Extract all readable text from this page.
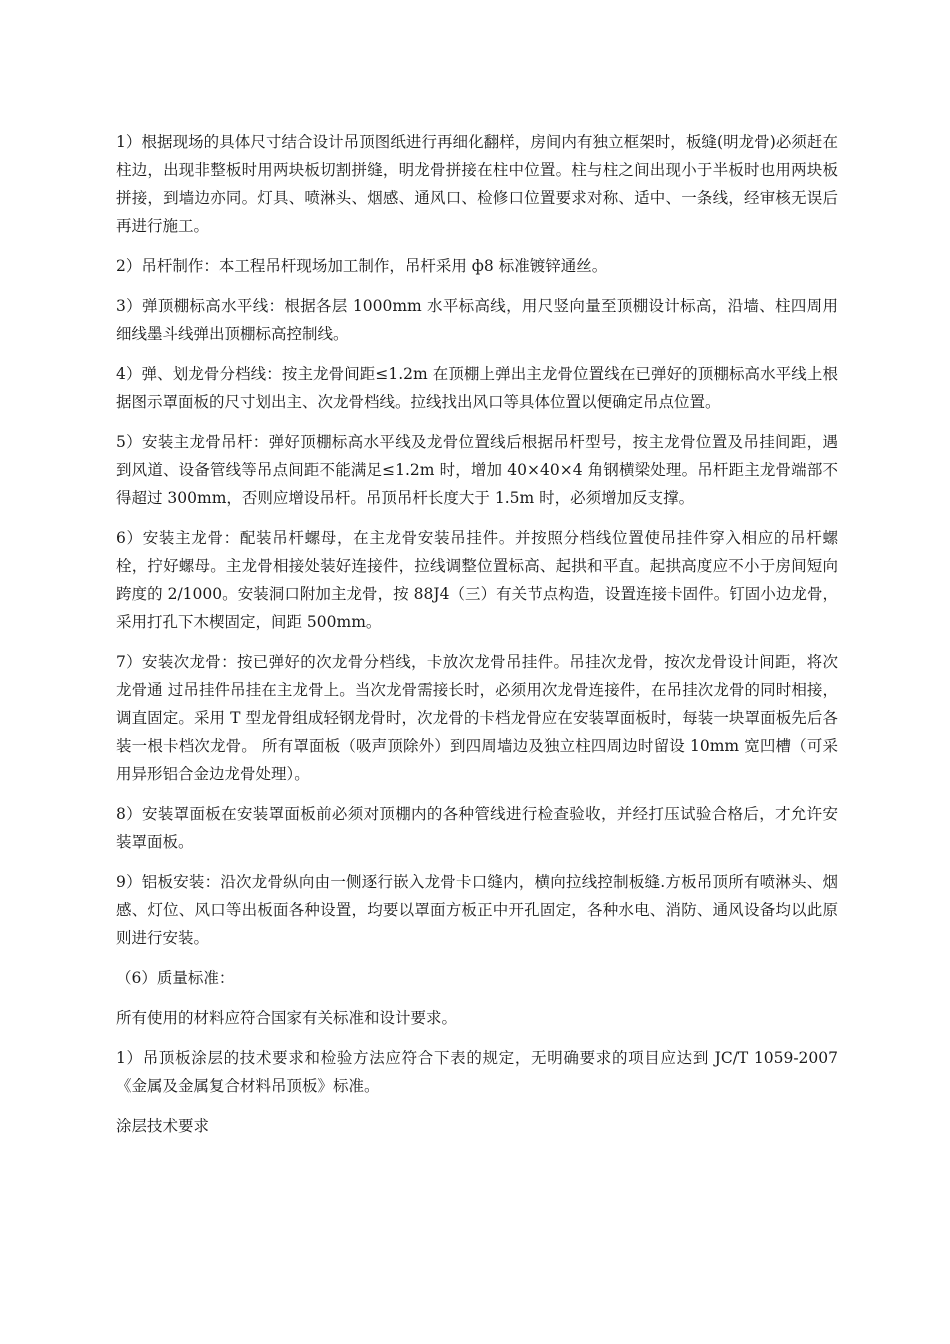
1）根据现场的具体尺寸结合设计吊顶图纸进行再细化翻样，房间内有独立框架时，板缝(明龙骨)必须赶在柱边，出现非整板时用两块板切割拼缝，明龙骨拼接在柱中位置。柱与柱之间出现小于半板时也用两块板拼接，到墙边亦同。灯具、喷淋头、烟感、通风口、检修口位置要求对称、适中、一条线，经审核无误后再进行施工。

2）吊杆制作：本工程吊杆现场加工制作，吊杆采用 ф8 标准镀锌通丝。

3）弹顶棚标高水平线：根据各层 1000mm 水平标高线，用尺竖向量至顶棚设计标高，沿墙、柱四周用细线墨斗线弹出顶棚标高控制线。

4）弹、划龙骨分档线：按主龙骨间距≤1.2m 在顶棚上弹出主龙骨位置线在已弹好的顶棚标高水平线上根据图示罩面板的尺寸划出主、次龙骨档线。拉线找出风口等具体位置以便确定吊点位置。

5）安装主龙骨吊杆：弹好顶棚标高水平线及龙骨位置线后根据吊杆型号，按主龙骨位置及吊挂间距，遇到风道、设备管线等吊点间距不能满足≤1.2m 时，增加 40×40×4 角钢横梁处理。吊杆距主龙骨端部不得超过 300mm，否则应增设吊杆。吊顶吊杆长度大于 1.5m 时，必须增加反支撑。

6）安装主龙骨：配装吊杆螺母，在主龙骨安装吊挂件。并按照分档线位置使吊挂件穿入相应的吊杆螺栓，拧好螺母。主龙骨相接处装好连接件，拉线调整位置标高、起拱和平直。起拱高度应不小于房间短向跨度的 2/1000。安装洞口附加主龙骨，按 88J4（三）有关节点构造，设置连接卡固件。钉固小边龙骨，采用打孔下木楔固定，间距 500mm。

7）安装次龙骨：按已弹好的次龙骨分档线，卡放次龙骨吊挂件。吊挂次龙骨，按次龙骨设计间距，将次龙骨通 过吊挂件吊挂在主龙骨上。当次龙骨需接长时，必须用次龙骨连接件，在吊挂次龙骨的同时相接，调直固定。采用 T 型龙骨组成轻钢龙骨时，次龙骨的卡档龙骨应在安装罩面板时，每装一块罩面板先后各装一根卡档次龙骨。 所有罩面板（吸声顶除外）到四周墙边及独立柱四周边时留设 10mm 宽凹槽（可采用异形铝合金边龙骨处理）。

8）安装罩面板在安装罩面板前必须对顶棚内的各种管线进行检查验收，并经打压试验合格后，才允许安装罩面板。

9）铝板安装：沿次龙骨纵向由一侧逐行嵌入龙骨卡口缝内，横向拉线控制板缝.方板吊顶所有喷淋头、烟感、灯位、风口等出板面各种设置，均要以罩面方板正中开孔固定，各种水电、消防、通风设备均以此原则进行安装。

（6）质量标准：

所有使用的材料应符合国家有关标准和设计要求。

1）吊顶板涂层的技术要求和检验方法应符合下表的规定，无明确要求的项目应达到 JC/T 1059-2007《金属及金属复合材料吊顶板》标准。

涂层技术要求
